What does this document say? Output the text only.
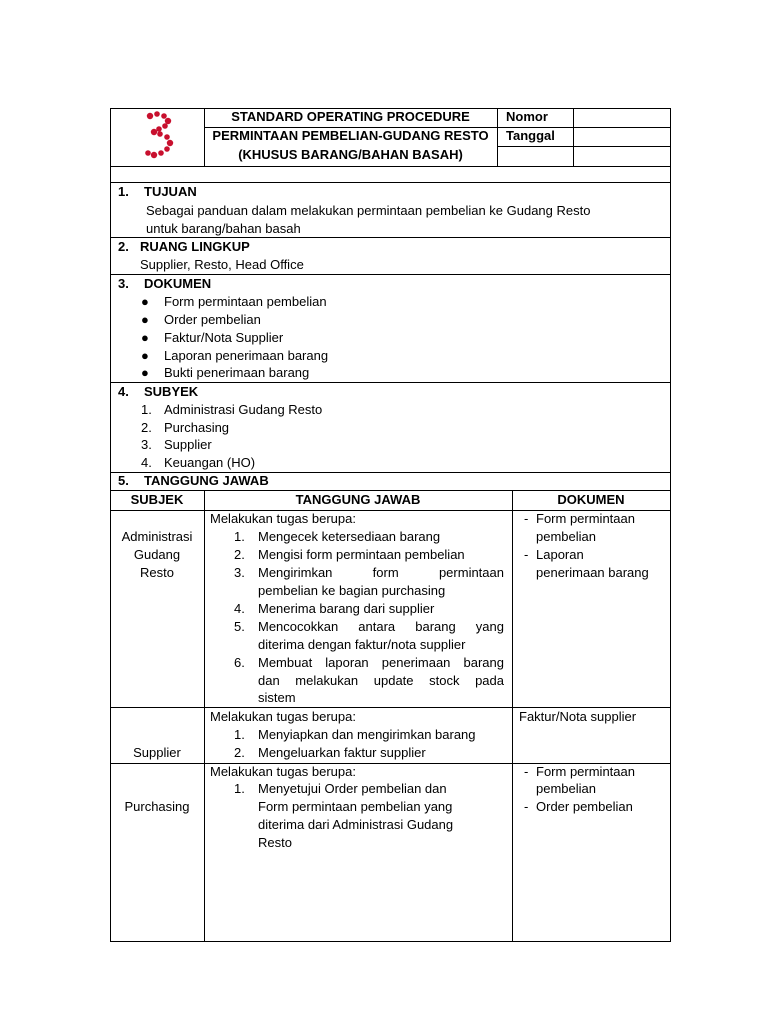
STANDARD OPERATING PROCEDURE
PERMINTAAN PEMBELIAN-GUDANG RESTO
(KHUSUS BARANG/BAHAN BASAH)
Nomor
Tanggal
1. TUJUAN
Sebagai panduan dalam melakukan permintaan pembelian ke Gudang Resto
untuk barang/bahan basah
2. RUANG LINGKUP
Supplier, Resto, Head Office
3. DOKUMEN
● Form permintaan pembelian
● Order pembelian
● Faktur/Nota Supplier
● Laporan penerimaan barang
● Bukti penerimaan barang
4. SUBYEK
1. Administrasi Gudang Resto
2. Purchasing
3. Supplier
4. Keuangan (HO)
5. TANGGUNG JAWAB
SUBJEK	TANGGUNG JAWAB	DOKUMEN
Administrasi
Gudang
Resto
Melakukan tugas berupa:
1. Mengecek ketersediaan barang
2. Mengisi form permintaan pembelian
3. Mengirimkan form permintaan
pembelian ke bagian purchasing
4. Menerima barang dari supplier
5. Mencocokkan antara barang yang
diterima dengan faktur/nota supplier
6. Membuat laporan penerimaan barang
dan melakukan update stock pada
sistem
- Form permintaan
pembelian
- Laporan
penerimaan barang
Supplier
Melakukan tugas berupa:
1. Menyiapkan dan mengirimkan barang
2. Mengeluarkan faktur supplier
Faktur/Nota supplier
Purchasing
Melakukan tugas berupa:
1. Menyetujui Order pembelian dan
Form permintaan pembelian yang
diterima dari Administrasi Gudang
Resto
- Form permintaan
pembelian
- Order pembelian
